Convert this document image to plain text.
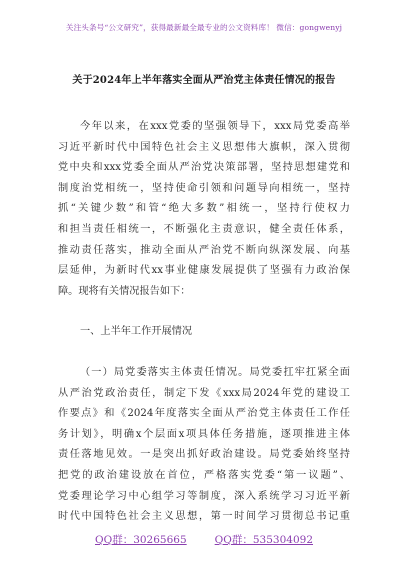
关注头条号“公文研究”，获得最新最全最专业的公文资料库！ 微信：gongwenyj
关于2024年上半年落实全面从严治党主体责任情况的报告
今年以来，在xxx党委的坚强领导下，xxx局党委高举
习近平新时代中国特色社会主义思想伟大旗帜，深入贯彻
党中央和xxx党委全面从严治党决策部署，坚持思想建党和
制度治党相统一，坚持使命引领和问题导向相统一，坚持
抓“关键少数”和管“绝大多数”相统一，坚持行使权力
和担当责任相统一，不断强化主责意识，健全责任体系，
推动责任落实，推动全面从严治党不断向纵深发展、向基
层延伸，为新时代xx事业健康发展提供了坚强有力政治保
障。现将有关情况报告如下：
一、上半年工作开展情况
（一）局党委落实主体责任情况。局党委扛牢扛紧全面
从严治党政治责任，制定下发《xxx局2024年党的建设工
作要点》和《2024年度落实全面从严治党主体责任工作任
务计划》，明确x个层面x项具体任务措施，逐项推进主体
责任落地见效。一是突出抓好政治建设。局党委始终坚持
把党的政治建设放在首位，严格落实党委“第一议题”、
党委理论学习中心组学习等制度，深入系统学习习近平新
时代中国特色社会主义思想，第一时间学习贯彻总书记重
QQ群：30265665	QQ群：535304092
